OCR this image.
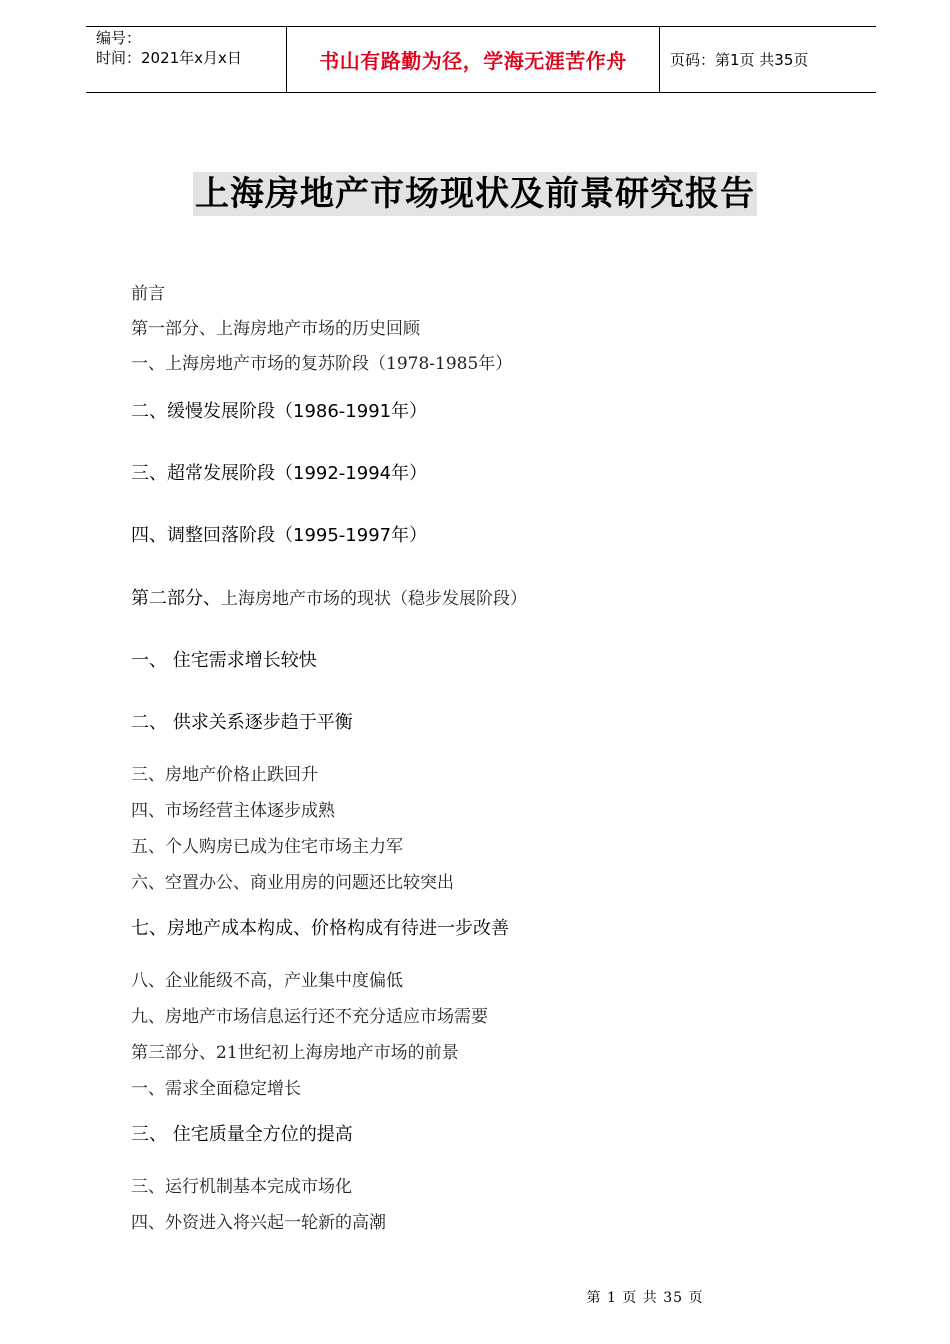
编号：
时间：2021年x月x日	书山有路勤为径，学海无涯苦作舟	页码：第1页 共35页
上海房地产市场现状及前景研究报告
前言
第一部分、上海房地产市场的历史回顾
一、上海房地产市场的复苏阶段（1978-1985年）
二、缓慢发展阶段（1986-1991年）
三、超常发展阶段（1992-1994年）
四、调整回落阶段（1995-1997年）
第二部分、上海房地产市场的现状（稳步发展阶段）
一、 住宅需求增长较快
二、 供求关系逐步趋于平衡
三、房地产价格止跌回升
四、市场经营主体逐步成熟
五、个人购房已成为住宅市场主力军
六、空置办公、商业用房的问题还比较突出
七、房地产成本构成、价格构成有待进一步改善
八、企业能级不高，产业集中度偏低
九、房地产市场信息运行还不充分适应市场需要
第三部分、21世纪初上海房地产市场的前景
一、需求全面稳定增长
三、 住宅质量全方位的提高
三、运行机制基本完成市场化
四、外资进入将兴起一轮新的高潮
第 1 页 共 35 页
